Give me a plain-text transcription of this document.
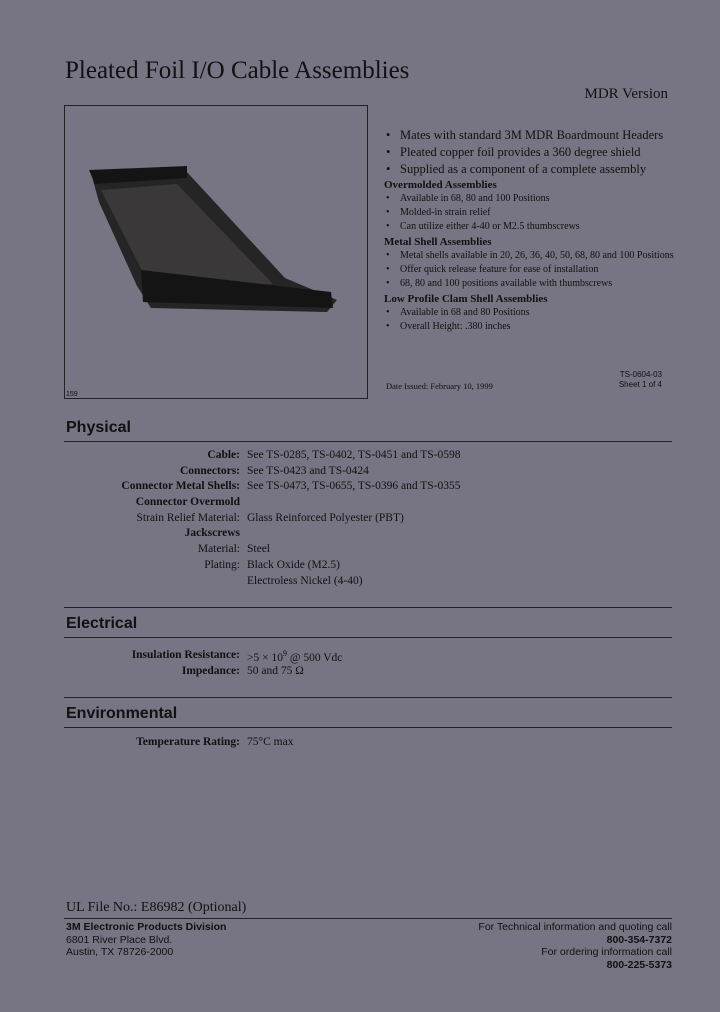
Pleated Foil I/O Cable Assemblies
MDR Version
159
• Mates with standard 3M MDR Boardmount Headers
• Pleated copper foil provides a 360 degree shield
• Supplied as a component of a complete assembly
Overmolded Assemblies
• Available in 68, 80 and 100 Positions
• Molded-in strain relief
• Can utilize either 4-40 or M2.5 thumbscrews
Metal Shell Assemblies
• Metal shells available in 20, 26, 36, 40, 50, 68, 80 and 100 Positions
• Offer quick release feature for ease of installation
• 68, 80 and 100 positions available with thumbscrews
Low Profile Clam Shell Assemblies
• Available in 68 and 80 Positions
• Overall Height: .380 inches
TS-0604-03
Sheet 1 of 4
Date Issued: February 10, 1999
Physical
Cable: See TS-0285, TS-0402, TS-0451 and TS-0598
Connectors: See TS-0423 and TS-0424
Connector Metal Shells: See TS-0473, TS-0655, TS-0396 and TS-0355
Connector Overmold
Strain Relief Material: Glass Reinforced Polyester (PBT)
Jackscrews
Material: Steel
Plating: Black Oxide (M2.5)
Electroless Nickel (4-40)
Electrical
Insulation Resistance: $>5 \times 10^9$ @ 500 Vdc
Impedance: 50 and 75 Ω
Environmental
Temperature Rating: 75°C max
UL File No.: E86982 (Optional)
3M Electronic Products Division
6801 River Place Blvd.
Austin, TX 78726-2000
For Technical information and quoting call
800-354-7372
For ordering information call
800-225-5373
